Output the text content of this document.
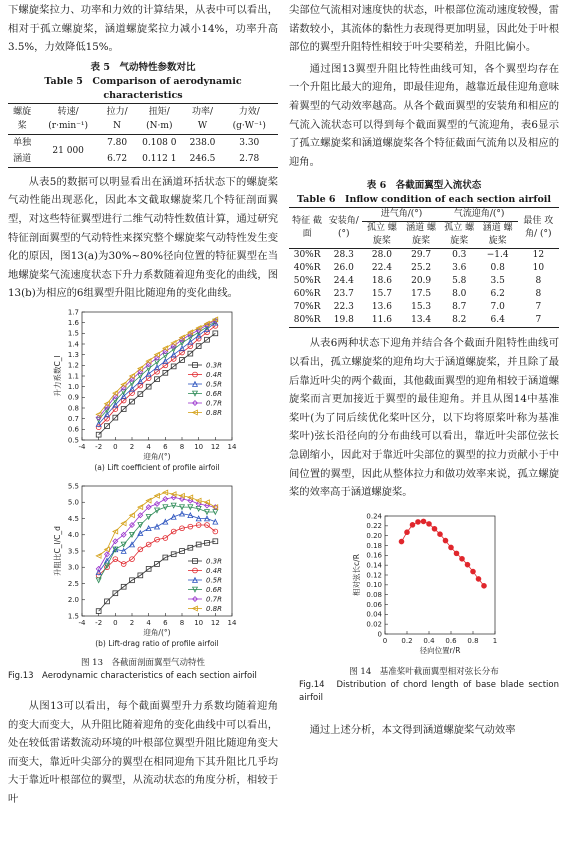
下螺旋桨拉力、功率和力效的计算结果，从表中可以看出，相对于孤立螺旋桨，涵道螺旋桨拉力减小14%，功率升高3.5%，力效降低15%。

表 5　气动特性参数对比

Table 5　Comparison of aerodynamic characteristics

螺旋桨	转速/ (r·min⁻¹)	拉力/ N	扭矩/ (N·m)	功率/ W	力效/ (g·W⁻¹)
单独	21 000	7.80	0.108 0	238.0	3.30
涵道		6.72	0.112 1	246.5	2.78

从表5的数据可以明显看出在涵道环括状态下的螺旋桨气动性能出现恶化，因此本文截取螺旋桨几个特征剖面翼型，对这些特征翼型进行二维气动特性数值计算，通过研究特征剖面翼型的气动特性来探究整个螺旋桨气动特性发生变化的原因，图13(a)为30%~80%径向位置的特征翼型在当地螺旋桨气流速度状态下升力系数随着迎角变化的曲线，图13(b)为相应的6组翼型升阻比随迎角的变化曲线。

-4 -2 0 2 4 6 8 10 12 14
0.5
0.6
0.7
0.8
0.9
1.0
1.1
1.2
1.3
1.4
1.5
1.6
1.7
迎角/(°)
升力系数C_l	0.3R
0.4R
0.5R
0.6R
0.7R
0.8R
(a) Lift coefficient of profile airfoil

-4 -2 0 2 4 6 8 10 12 14
1.5
2.0
2.5
3.0
3.5
4.0
4.5
5.0
5.5
迎角/(°)
升阻比C_l/C_d	0.3R
0.4R
0.5R
0.6R
0.7R
0.8R
(b) Lift-drag ratio of profile airfoil

图 13　各截面剖面翼型气动特性

Fig.13　Aerodynamic characteristics of each section airfoil

从图13可以看出，每个截面翼型升力系数均随着迎角的变大而变大，从升阻比随着迎角的变化曲线中可以看出，处在较低雷诺数流动环境的叶根部位翼型升阻比随迎角变大而变大，靠近叶尖部分的翼型在相同迎角下其升阻比几乎均大于靠近叶根部位的翼型，从流动状态的角度分析，相较于叶

尖部位气流相对速度快的状态，叶根部位流动速度较慢，雷诺数较小，其流体的黏性力表现得更加明显，因此处于叶根部位的翼型升阻特性相较于叶尖要稍差，升阻比偏小。

通过图13翼型升阻比特性曲线可知，各个翼型均存在一个升阻比最大的迎角，即最佳迎角，越靠近最佳迎角意味着翼型的气动效率越高。从各个截面翼型的安装角和相应的气流入流状态可以得到每个截面翼型的气流迎角，表6显示了孤立螺旋桨和涵道螺旋桨各个特征截面气流角以及相应的迎角。

表 6　各截面翼型入流状态

Table 6　Inflow condition of each section airfoil

特征 截面	安装角/ (°)	进气角/(°)		气流迎角/(°)		最佳 攻角/ (°)
		孤立 螺旋桨	涵道 螺旋桨	孤立 螺旋桨	涵道 螺旋桨	
30%R	28.3	28.0	29.7	0.3	−1.4	12
40%R	26.0	22.4	25.2	3.6	0.8	10
50%R	24.4	18.6	20.9	5.8	3.5	8
60%R	23.7	15.7	17.5	8.0	6.2	8
70%R	22.3	13.6	15.3	8.7	7.0	7
80%R	19.8	11.6	13.4	8.2	6.4	7

从表6两种状态下迎角并结合各个截面升阻特性曲线可以看出，孤立螺旋桨的迎角均大于涵道螺旋桨，并且除了最后靠近叶尖的两个截面，其他截面翼型的迎角相较于涵道螺旋桨而言更加接近于翼型的最佳迎角。并且从图14中基准桨叶(为了同后续优化桨叶区分，以下均将原桨叶称为基准桨叶)弦长沿径向的分布曲线可以看出，靠近叶尖部位弦长急剧缩小，因此对于靠近叶尖部位的翼型的拉力贡献小于中间位置的翼型，因此从整体拉力和做功效率来说，孤立螺旋桨的效率高于涵道螺旋桨。

0 0.2 0.4 0.6 0.8 1
0
0.02
0.04
0.06
0.08
0.10
0.12
0.14
0.16
0.18
0.20
0.22
0.24
径向位置r/R
相对弦长c/R

图 14　基准桨叶截面翼型相对弦长分布

Fig.14　Distribution of chord length of base blade section airfoil

通过上述分析，本文得到涵道螺旋桨气动效率
